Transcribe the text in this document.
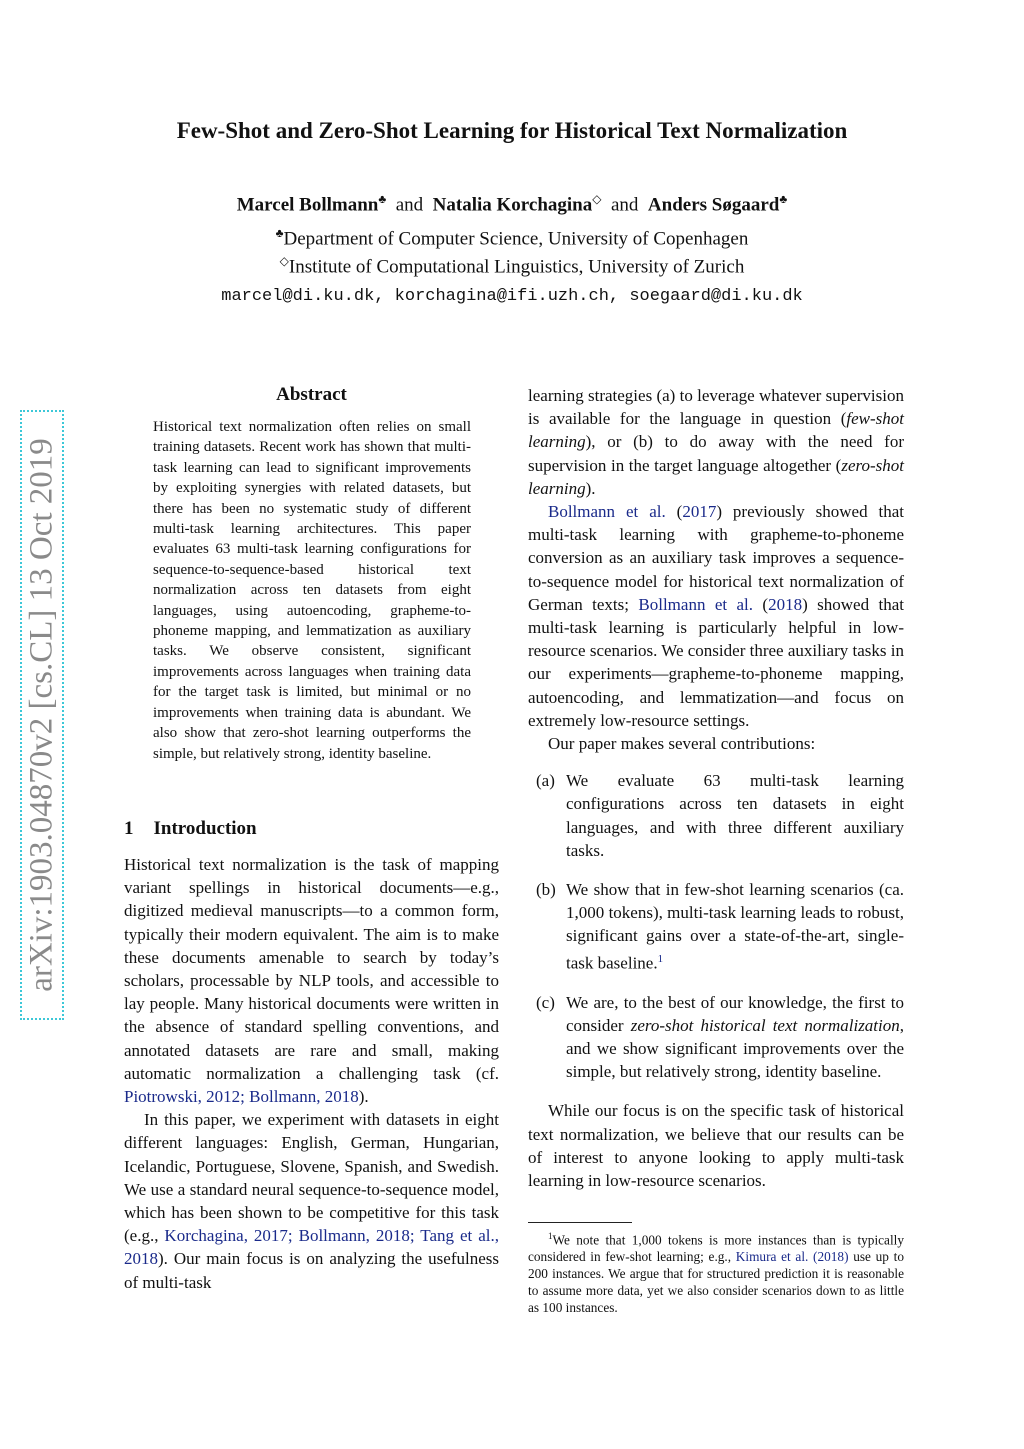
Few-Shot and Zero-Shot Learning for Historical Text Normalization
Marcel Bollmann♣ and Natalia Korchagina◇ and Anders Søgaard♣
♣Department of Computer Science, University of Copenhagen
◇Institute of Computational Linguistics, University of Zurich
marcel@di.ku.dk, korchagina@ifi.uzh.ch, soegaard@di.ku.dk
arXiv:1903.04870v2 [cs.CL] 13 Oct 2019
Abstract
Historical text normalization often relies on small training datasets. Recent work has shown that multi-task learning can lead to significant improvements by exploiting synergies with related datasets, but there has been no systematic study of different multi-task learning architectures. This paper evaluates 63 multi-task learning configurations for sequence-to-sequence-based historical text normalization across ten datasets from eight languages, using autoencoding, grapheme-to-phoneme mapping, and lemmatization as auxiliary tasks. We observe consistent, significant improvements across languages when training data for the target task is limited, but minimal or no improvements when training data is abundant. We also show that zero-shot learning outperforms the simple, but relatively strong, identity baseline.
1 Introduction

Historical text normalization is the task of mapping variant spellings in historical documents—e.g., digitized medieval manuscripts—to a common form, typically their modern equivalent. The aim is to make these documents amenable to search by today’s scholars, processable by NLP tools, and accessible to lay people. Many historical documents were written in the absence of standard spelling conventions, and annotated datasets are rare and small, making automatic normalization a challenging task (cf. Piotrowski, 2012; Bollmann, 2018).

In this paper, we experiment with datasets in eight different languages: English, German, Hungarian, Icelandic, Portuguese, Slovene, Spanish, and Swedish. We use a standard neural sequence-to-sequence model, which has been shown to be competitive for this task (e.g., Korchagina, 2017; Bollmann, 2018; Tang et al., 2018). Our main focus is on analyzing the usefulness of multi-task

learning strategies (a) to leverage whatever supervision is available for the language in question (few-shot learning), or (b) to do away with the need for supervision in the target language altogether (zero-shot learning).

Bollmann et al. (2017) previously showed that multi-task learning with grapheme-to-phoneme conversion as an auxiliary task improves a sequence-to-sequence model for historical text normalization of German texts; Bollmann et al. (2018) showed that multi-task learning is particularly helpful in low-resource scenarios. We consider three auxiliary tasks in our experiments—grapheme-to-phoneme mapping, autoencoding, and lemmatization—and focus on extremely low-resource settings.

Our paper makes several contributions:

(a) We evaluate 63 multi-task learning configurations across ten datasets in eight languages, and with three different auxiliary tasks.
(b) We show that in few-shot learning scenarios (ca. 1,000 tokens), multi-task learning leads to robust, significant gains over a state-of-the-art, single-task baseline.$^1$
(c) We are, to the best of our knowledge, the first to consider zero-shot historical text normalization, and we show significant improvements over the simple, but relatively strong, identity baseline.

While our focus is on the specific task of historical text normalization, we believe that our results can be of interest to anyone looking to apply multi-task learning in low-resource scenarios.

$^1$We note that 1,000 tokens is more instances than is typically considered in few-shot learning; e.g., Kimura et al. (2018) use up to 200 instances. We argue that for structured prediction it is reasonable to assume more data, yet we also consider scenarios down to as little as 100 instances.
